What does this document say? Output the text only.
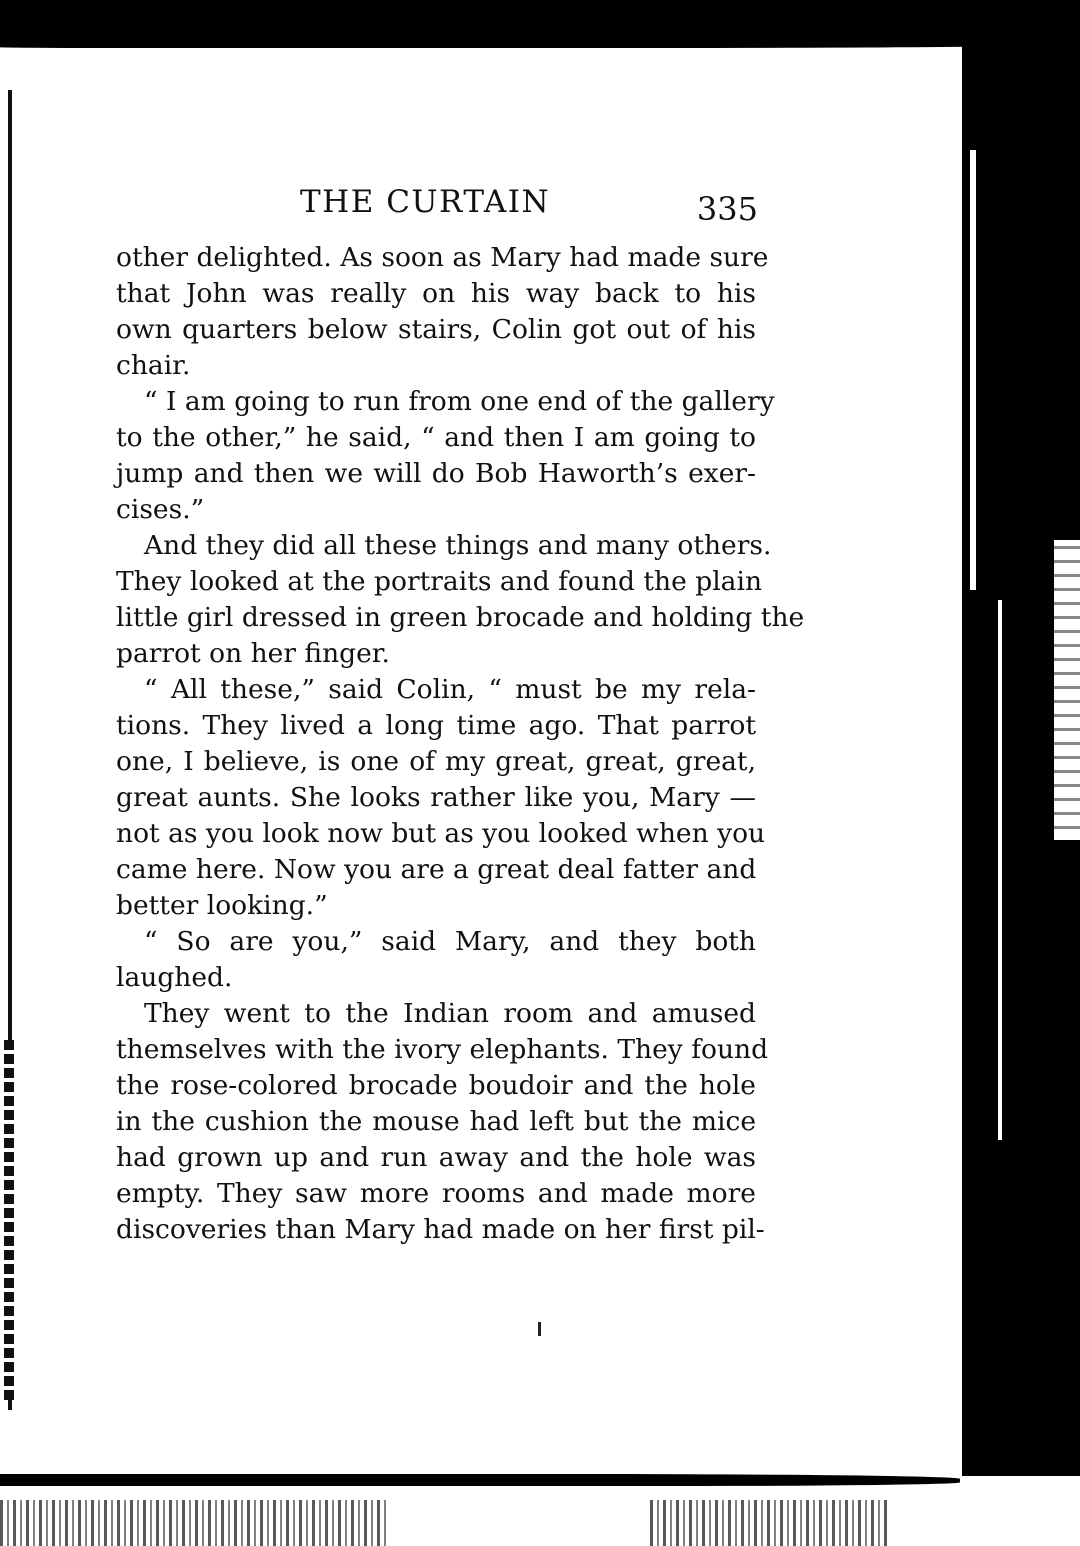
THE CURTAIN	335
other delighted. As soon as Mary had made sure
that John was really on his way back to his
own quarters below stairs, Colin got out of his
chair.
“ I am going to run from one end of the gallery
to the other,” he said, “ and then I am going to
jump and then we will do Bob Haworth’s exer-
cises.”
And they did all these things and many others.
They looked at the portraits and found the plain
little girl dressed in green brocade and holding the
parrot on her finger.
“ All these,” said Colin, “ must be my rela-
tions. They lived a long time ago. That parrot
one, I believe, is one of my great, great, great,
great aunts. She looks rather like you, Mary —
not as you look now but as you looked when you
came here. Now you are a great deal fatter and
better looking.”
“ So are you,” said Mary, and they both
laughed.
They went to the Indian room and amused
themselves with the ivory elephants. They found
the rose-colored brocade boudoir and the hole
in the cushion the mouse had left but the mice
had grown up and run away and the hole was
empty. They saw more rooms and made more
discoveries than Mary had made on her first pil-
